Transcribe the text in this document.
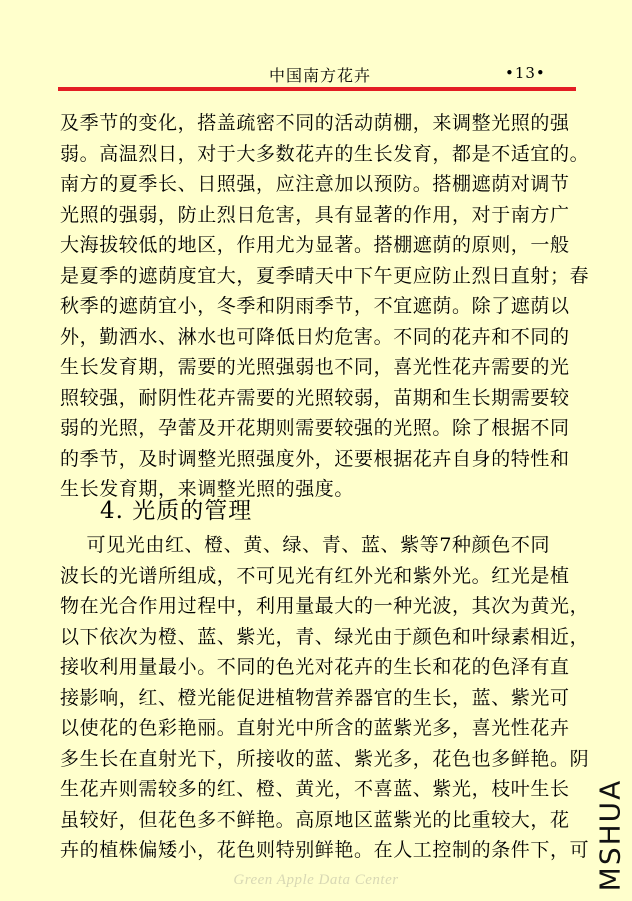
中国南方花卉	•13•
及季节的变化，搭盖疏密不同的活动荫棚，来调整光照的强
弱。高温烈日，对于大多数花卉的生长发育，都是不适宜的。
南方的夏季长、日照强，应注意加以预防。搭棚遮荫对调节
光照的强弱，防止烈日危害，具有显著的作用，对于南方广
大海拔较低的地区，作用尤为显著。搭棚遮荫的原则，一般
是夏季的遮荫度宜大，夏季晴天中下午更应防止烈日直射；春
秋季的遮荫宜小，冬季和阴雨季节，不宜遮荫。除了遮荫以
外，勤洒水、淋水也可降低日灼危害。不同的花卉和不同的
生长发育期，需要的光照强弱也不同，喜光性花卉需要的光
照较强，耐阴性花卉需要的光照较弱，苗期和生长期需要较
弱的光照，孕蕾及开花期则需要较强的光照。除了根据不同
的季节，及时调整光照强度外，还要根据花卉自身的特性和
生长发育期，来调整光照的强度。
4. 光质的管理
可见光由红、橙、黄、绿、青、蓝、紫等7种颜色不同
波长的光谱所组成，不可见光有红外光和紫外光。红光是植
物在光合作用过程中，利用量最大的一种光波，其次为黄光，
以下依次为橙、蓝、紫光，青、绿光由于颜色和叶绿素相近，
接收利用量最小。不同的色光对花卉的生长和花的色泽有直
接影响，红、橙光能促进植物营养器官的生长，蓝、紫光可
以使花的色彩艳丽。直射光中所含的蓝紫光多，喜光性花卉
多生长在直射光下，所接收的蓝、紫光多，花色也多鲜艳。阴
生花卉则需较多的红、橙、黄光，不喜蓝、紫光，枝叶生长
虽较好，但花色多不鲜艳。高原地区蓝紫光的比重较大，花
卉的植株偏矮小，花色则特别鲜艳。在人工控制的条件下，可 MSHUA
Green Apple Data Center
